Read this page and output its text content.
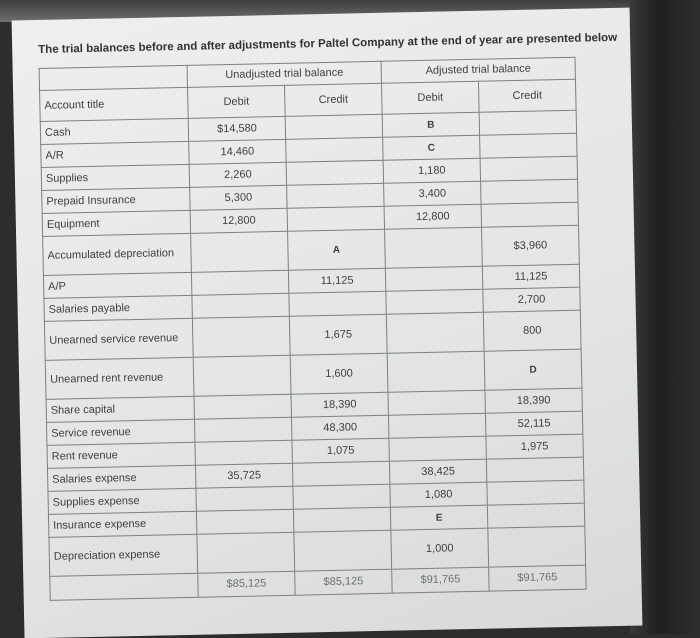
The trial balances before and after adjustments for Paltel Company at the end of year are presented below
	Unadjusted trial balance		Adjusted trial balance	
Account title	Debit	Credit	Debit	Credit
Cash	$14,580		B	
A/R	14,460		C	
Supplies	2,260		1,180	
Prepaid Insurance	5,300		3,400	
Equipment	12,800		12,800	
Accumulated depreciation		A		$3,960
A/P		11,125		11,125
Salaries payable				2,700
Unearned service revenue		1,675		800
Unearned rent revenue		1,600		D
Share capital		18,390		18,390
Service revenue		48,300		52,115
Rent revenue		1,075		1,975
Salaries expense	35,725		38,425	
Supplies expense			1,080	
Insurance expense			E	
Depreciation expense			1,000	
	$85,125	$85,125	$91,765	$91,765
